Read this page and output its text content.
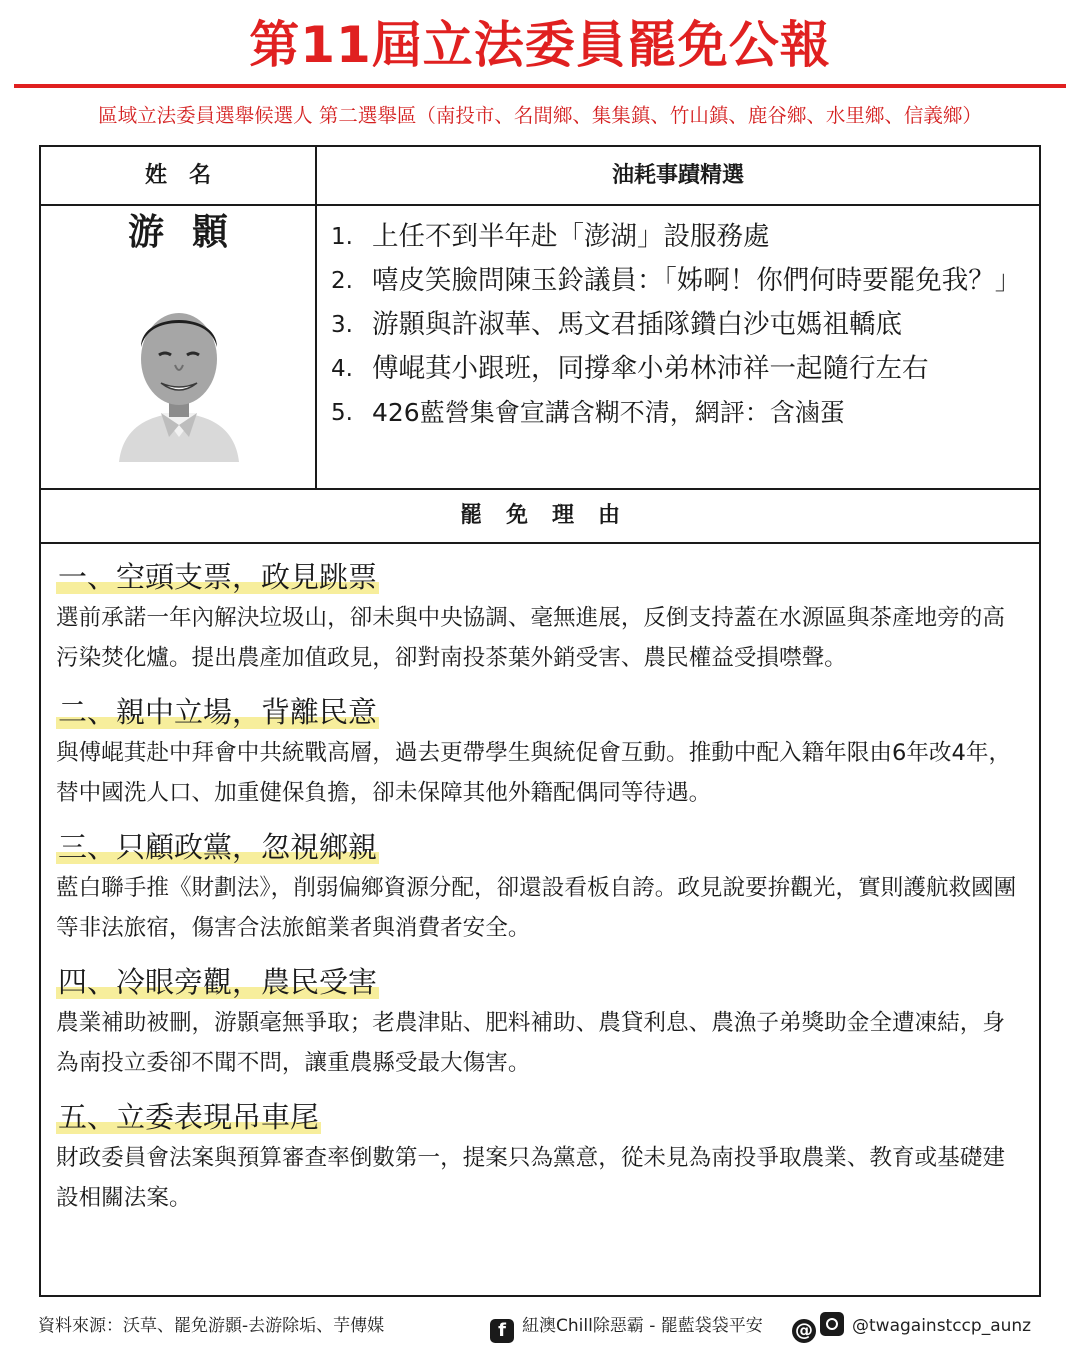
第11屆立法委員罷免公報
區域立法委員選舉候選人 第二選舉區（南投市、名間鄉、集集鎮、竹山鎮、鹿谷鄉、水里鄉、信義鄉）
姓　名	油耗事蹟精選
游顥	1. 上任不到半年赴「澎湖」設服務處
2. 嘻皮笑臉問陳玉鈴議員：「姊啊！你們何時要罷免我？」
3. 游顥與許淑華、馬文君插隊鑽白沙屯媽祖轎底
4. 傅崐萁小跟班，同撐傘小弟林沛祥一起隨行左右
5. 426藍營集會宣講含糊不清，網評：含滷蛋
罷免理由
一、空頭支票，政見跳票
選前承諾一年內解決垃圾山，卻未與中央協調、毫無進展，反倒支持蓋在水源區與茶產地旁的高污染焚化爐。提出農產加值政見，卻對南投茶葉外銷受害、農民權益受損噤聲。
二、親中立場，背離民意
與傅崐萁赴中拜會中共統戰高層，過去更帶學生與統促會互動。推動中配入籍年限由6年改4年，替中國洗人口、加重健保負擔，卻未保障其他外籍配偶同等待遇。
三、只顧政黨，忽視鄉親
藍白聯手推《財劃法》，削弱偏鄉資源分配，卻還設看板自誇。政見說要拚觀光，實則護航救國團等非法旅宿，傷害合法旅館業者與消費者安全。
四、冷眼旁觀，農民受害
農業補助被刪，游顥毫無爭取；老農津貼、肥料補助、農貸利息、農漁子弟獎助金全遭凍結，身為南投立委卻不聞不問，讓重農縣受最大傷害。
五、立委表現吊車尾
財政委員會法案與預算審查率倒數第一，提案只為黨意，從未見為南投爭取農業、教育或基礎建設相關法案。
資料來源：沃草、罷免游顥-去游除垢、芋傳媒	f 紐澳Chill除惡霸 - 罷藍袋袋平安 @ @twagainstccp_aunz
